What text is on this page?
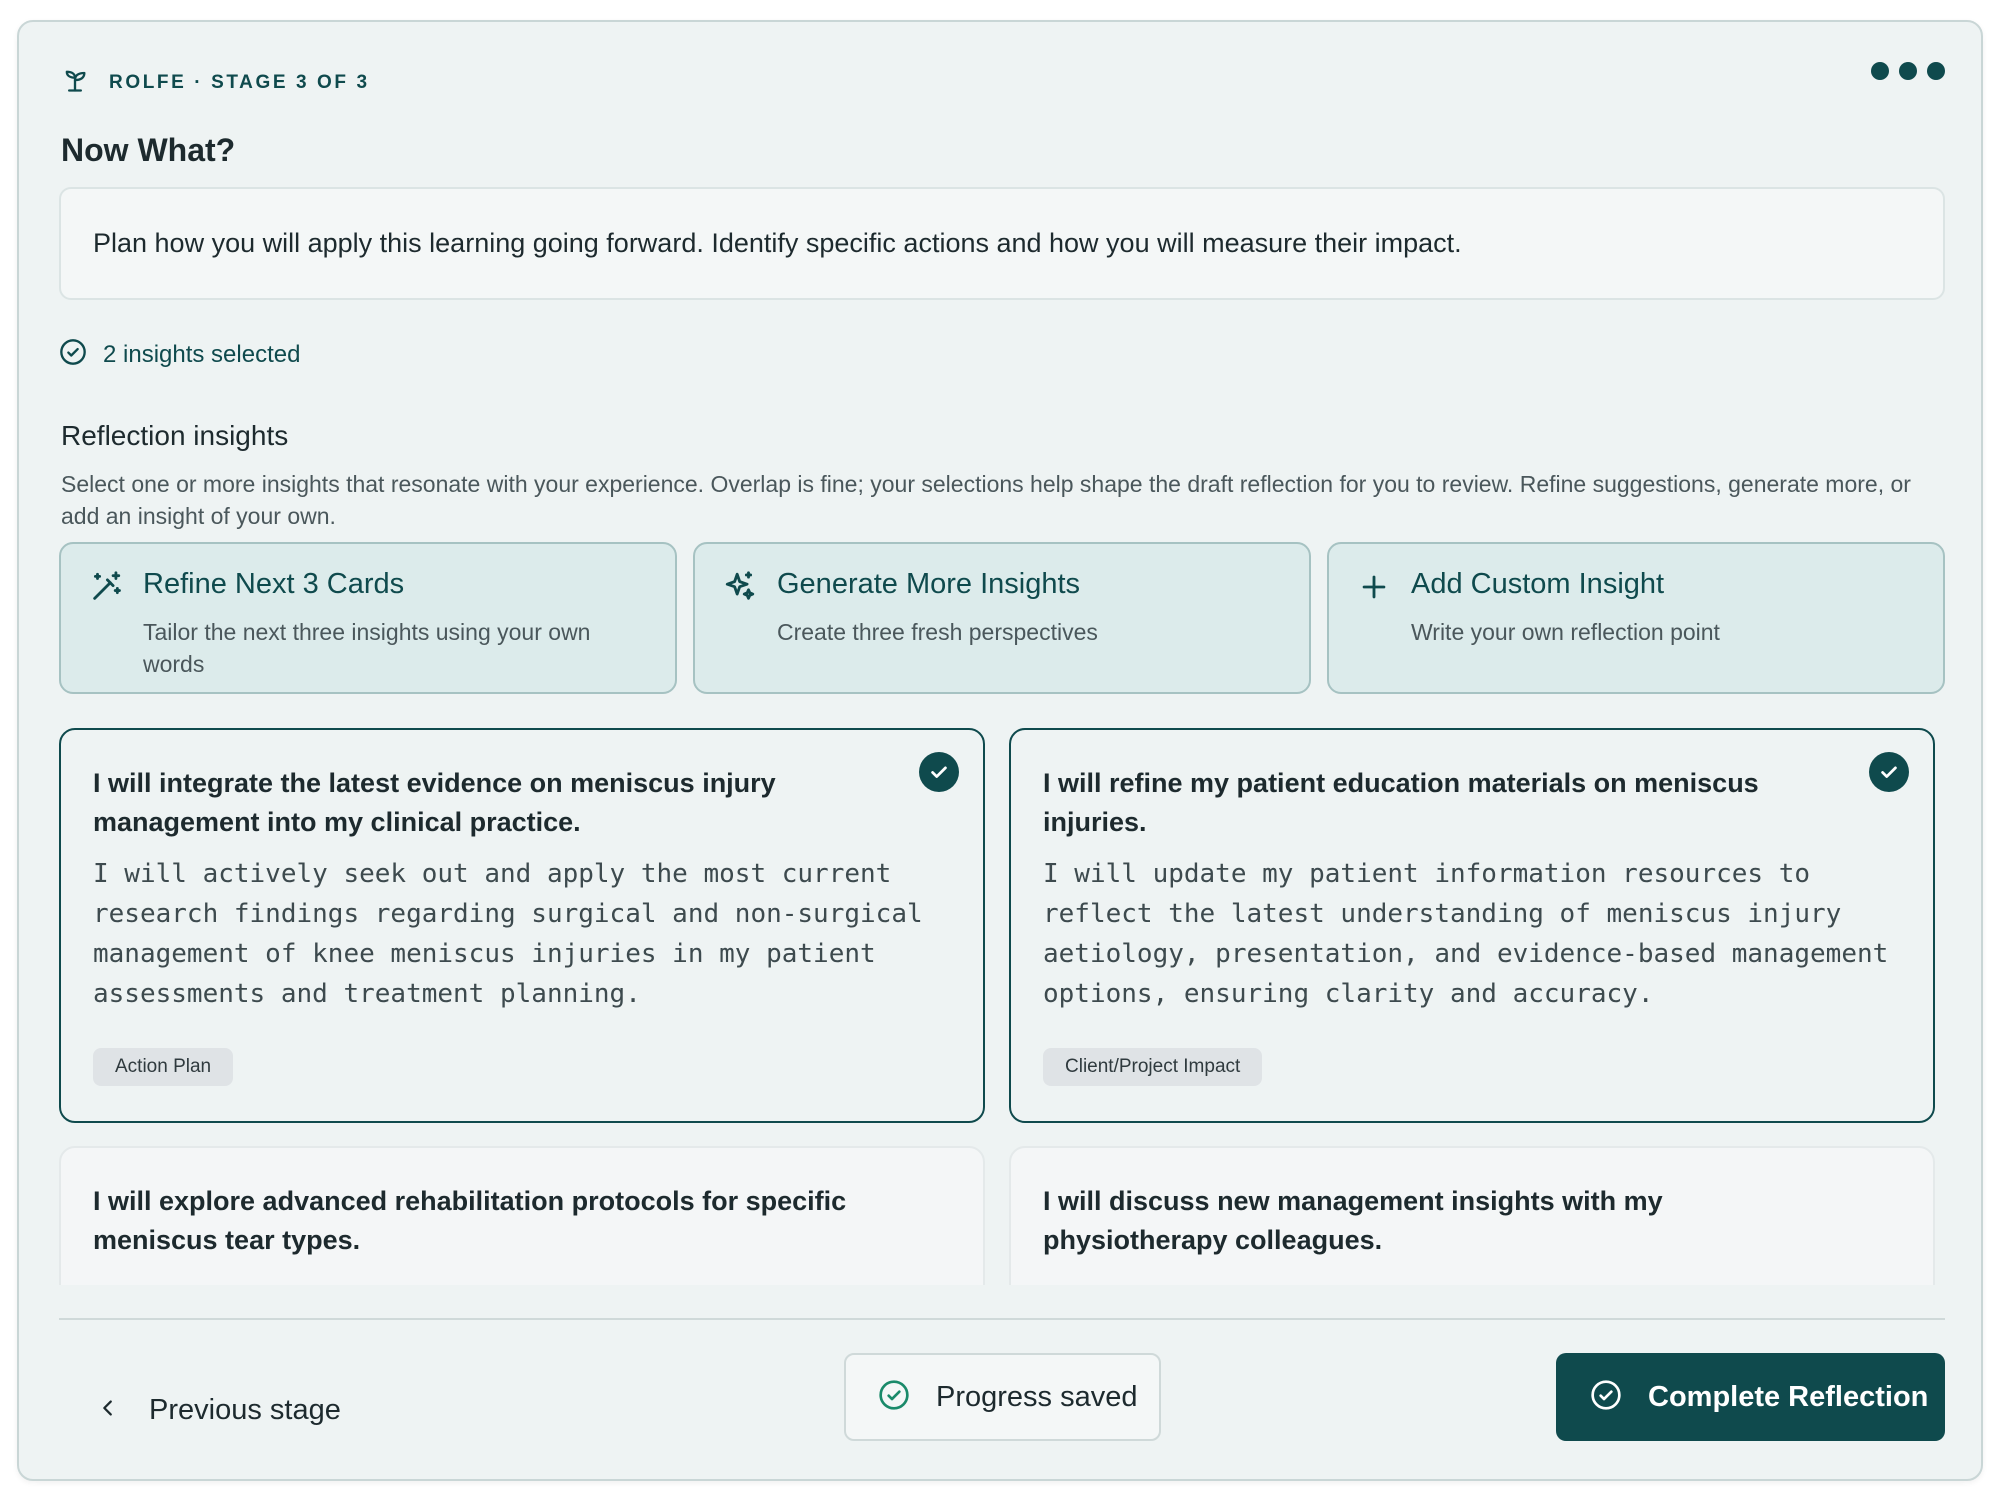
ROLFE · STAGE 3 OF 3
Now What?
Plan how you will apply this learning going forward. Identify specific actions and how you will measure their impact.
2 insights selected
Reflection insights
Select one or more insights that resonate with your experience. Overlap is fine; your selections help shape the draft reflection for you to review. Refine suggestions, generate more, or add an insight of your own.
Refine Next 3 Cards
Tailor the next three insights using your own words
Generate More Insights
Create three fresh perspectives
Add Custom Insight
Write your own reflection point
I will integrate the latest evidence on meniscus injury management into my clinical practice.
I will actively seek out and apply the most current research findings regarding surgical and non-surgical management of knee meniscus injuries in my patient assessments and treatment planning.
Action Plan
I will refine my patient education materials on meniscus injuries.
I will update my patient information resources to reflect the latest understanding of meniscus injury aetiology, presentation, and evidence-based management options, ensuring clarity and accuracy.
Client/Project Impact
I will explore advanced rehabilitation protocols for specific meniscus tear types.
I will discuss new management insights with my physiotherapy colleagues.
Previous stage	Progress saved	Complete Reflection
